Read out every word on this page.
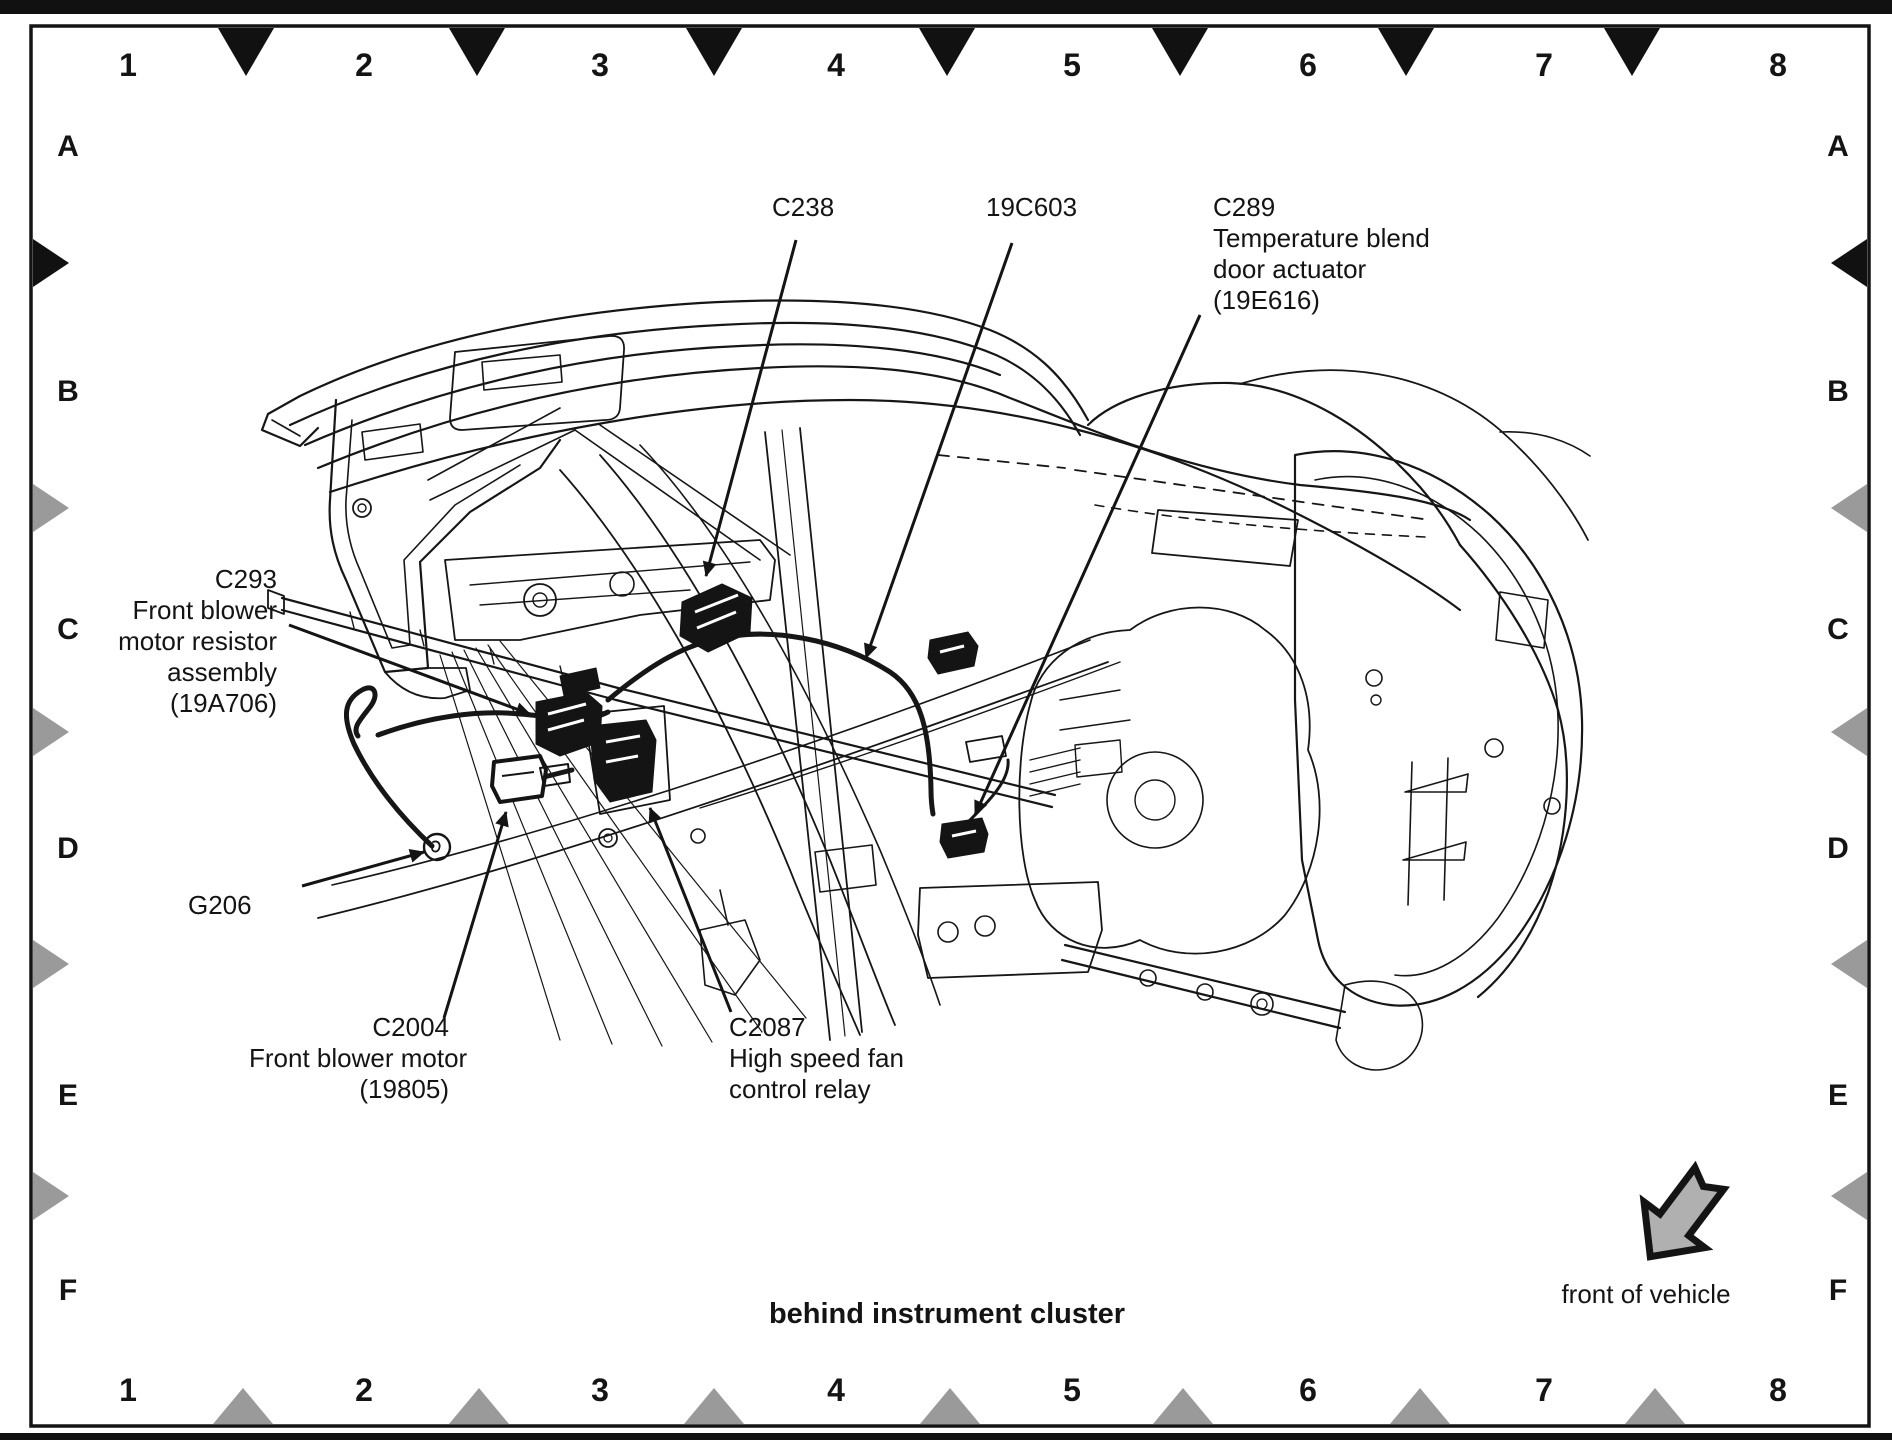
1	2	3	4	5	6	7	8
1	2	3	4	5	6	7	8
A
B
C
D
E
F
A
B
C
D
E
F
C238	19C603	C289
Temperature blend
door actuator
(19E616)
C293
Front blower
motor resistor
assembly
(19A706)
G206
C2004
Front blower motor
(19805)
C2087
High speed fan
control relay
behind instrument cluster
front of vehicle
